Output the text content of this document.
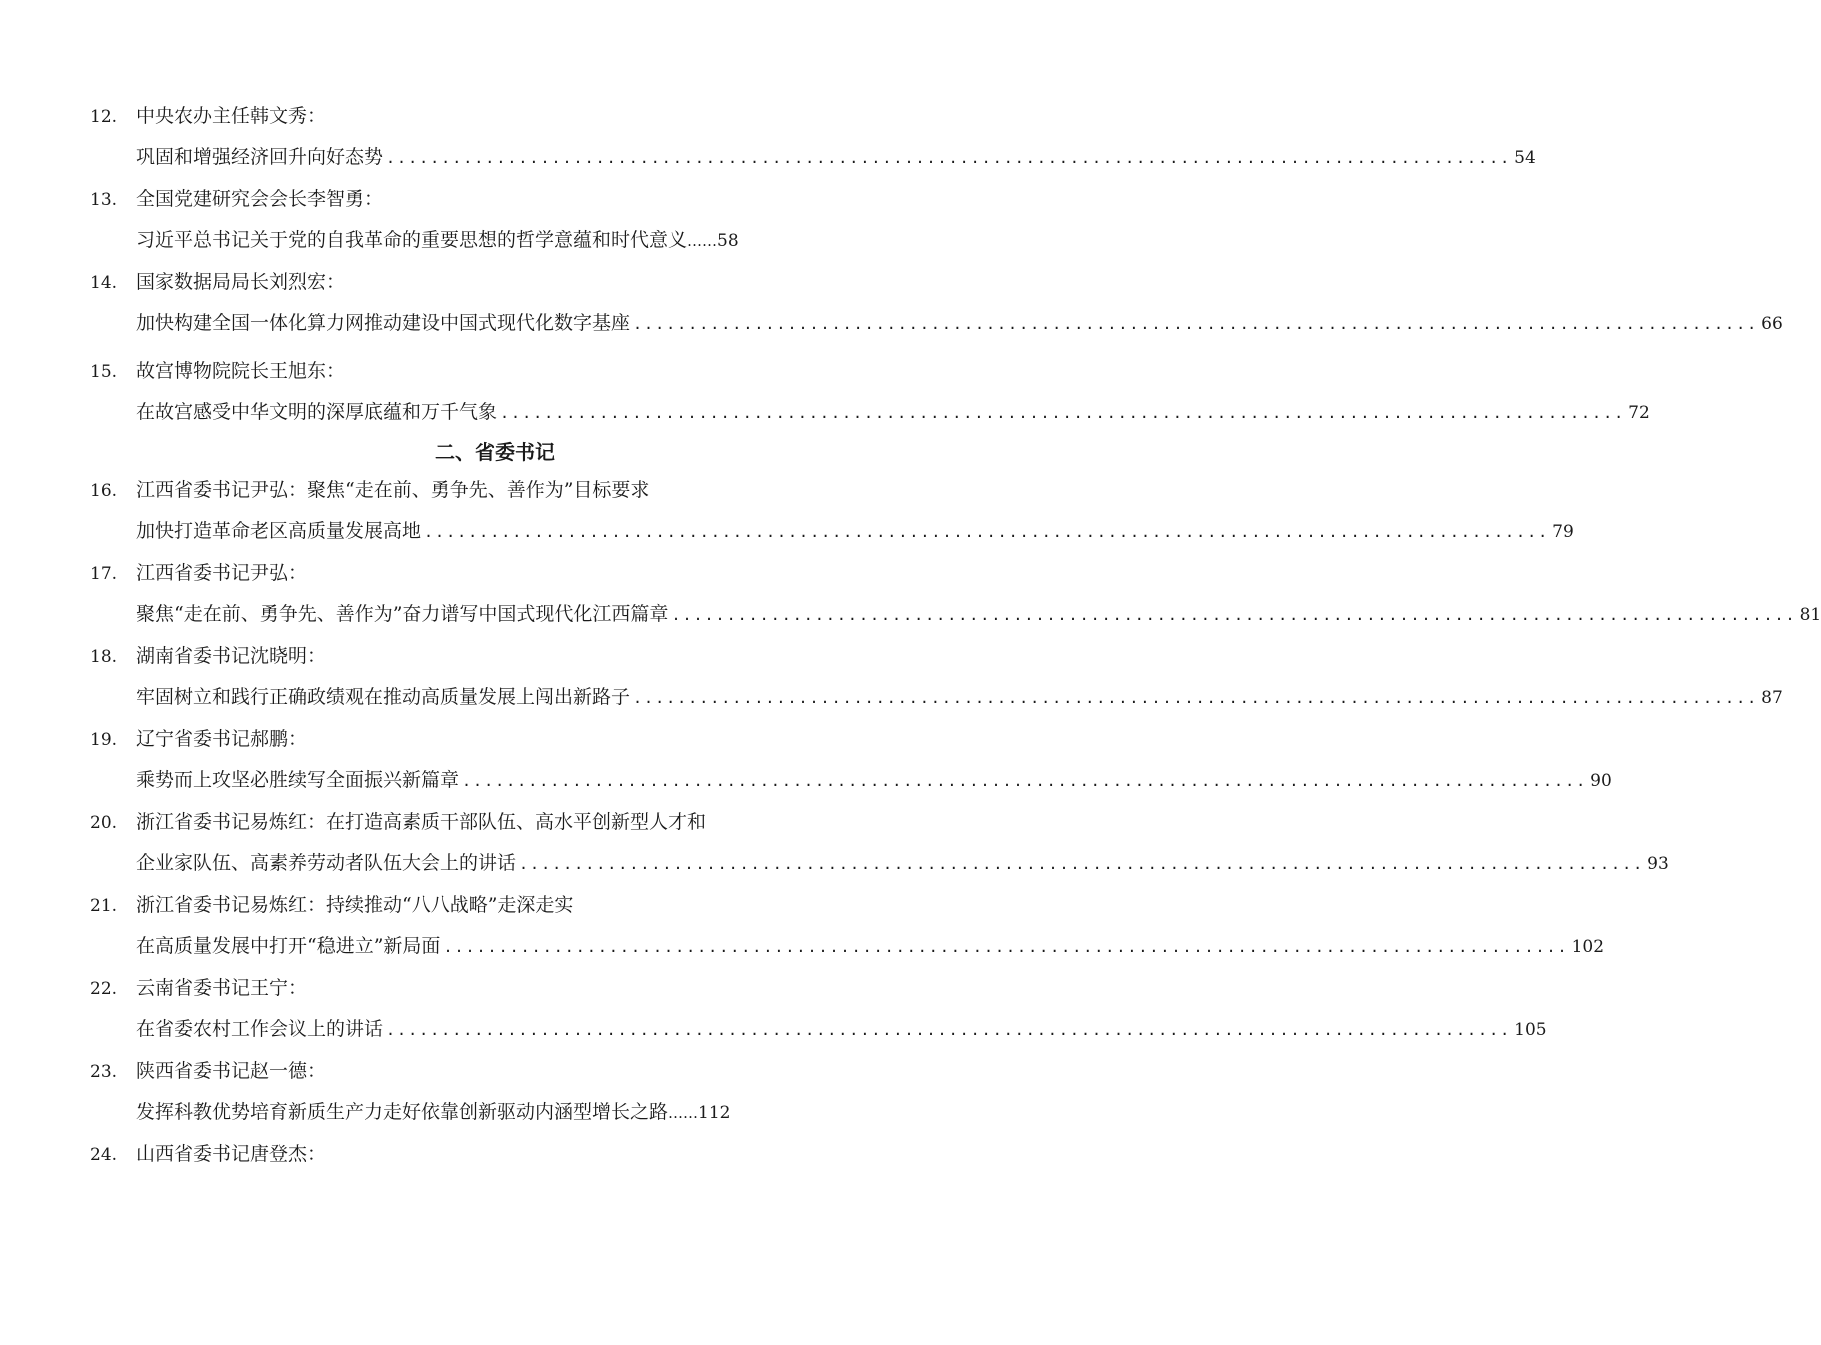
12. 中央农办主任韩文秀：
巩固和增强经济回升向好态势 ...................................................................................................... 54
13. 全国党建研究会会长李智勇：
习近平总书记关于党的自我革命的重要思想的哲学意蕴和时代意义 …… 58
14. 国家数据局局长刘烈宏：
加快构建全国一体化算力网推动建设中国式现代化数字基座 ...................................................................................................... 66
15. 故宫博物院院长王旭东：
在故宫感受中华文明的深厚底蕴和万千气象 ...................................................................................................... 72
二、省委书记
16. 江西省委书记尹弘：聚焦“走在前、勇争先、善作为”目标要求
加快打造革命老区高质量发展高地 ...................................................................................................... 79
17. 江西省委书记尹弘：
聚焦“走在前、勇争先、善作为”奋力谱写中国式现代化江西篇章 ...................................................................................................... 81
18. 湖南省委书记沈晓明：
牢固树立和践行正确政绩观在推动高质量发展上闯出新路子 ...................................................................................................... 87
19. 辽宁省委书记郝鹏：
乘势而上攻坚必胜续写全面振兴新篇章 ...................................................................................................... 90
20. 浙江省委书记易炼红：在打造高素质干部队伍、高水平创新型人才和
企业家队伍、高素养劳动者队伍大会上的讲话 ...................................................................................................... 93
21. 浙江省委书记易炼红：持续推动“八八战略”走深走实
在高质量发展中打开“稳进立”新局面 ...................................................................................................... 102
22. 云南省委书记王宁：
在省委农村工作会议上的讲话 ...................................................................................................... 105
23. 陕西省委书记赵一德：
发挥科教优势培育新质生产力走好依靠创新驱动内涵型增长之路 …… 112
24. 山西省委书记唐登杰：
